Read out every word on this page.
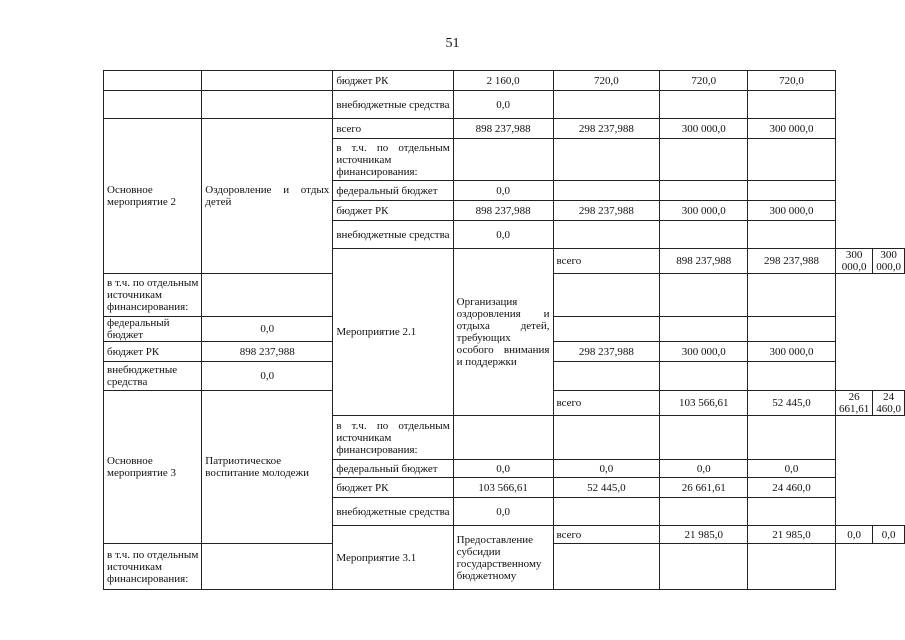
51
		бюджет РК	2 160,0	720,0	720,0	720,0		
		внебюджетные средства	0,0					
Основное мероприятие 2	Оздоровление и отдых детей	всего	898 237,988	298 237,988	300 000,0	300 000,0		
		в т.ч. по отдельным источникам финансирования:						
		федеральный бюджет	0,0					
		бюджет РК	898 237,988	298 237,988	300 000,0	300 000,0		
		внебюджетные средства	0,0					
		Мероприятие 2.1	Организация оздоровления и отдыха детей, требующих особого внимания и поддержки	всего	898 237,988	298 237,988	300 000,0	300 000,0
в т.ч. по отдельным источникам финансирования:								
федеральный бюджет	0,0							
бюджет РК	898 237,988			298 237,988	300 000,0	300 000,0		
внебюджетные средства	0,0							
Основное мероприятие 3	Патриотическое воспитание молодежи			всего	103 566,61	52 445,0	26 661,61	24 460,0
		в т.ч. по отдельным источникам финансирования:						
		федеральный бюджет	0,0	0,0	0,0	0,0		
		бюджет РК	103 566,61	52 445,0	26 661,61	24 460,0		
		внебюджетные средства	0,0					
		Мероприятие 3.1	Предоставление субсидии государственному бюджетному	всего	21 985,0	21 985,0	0,0	0,0
в т.ч. по отдельным источникам финансирования:								
